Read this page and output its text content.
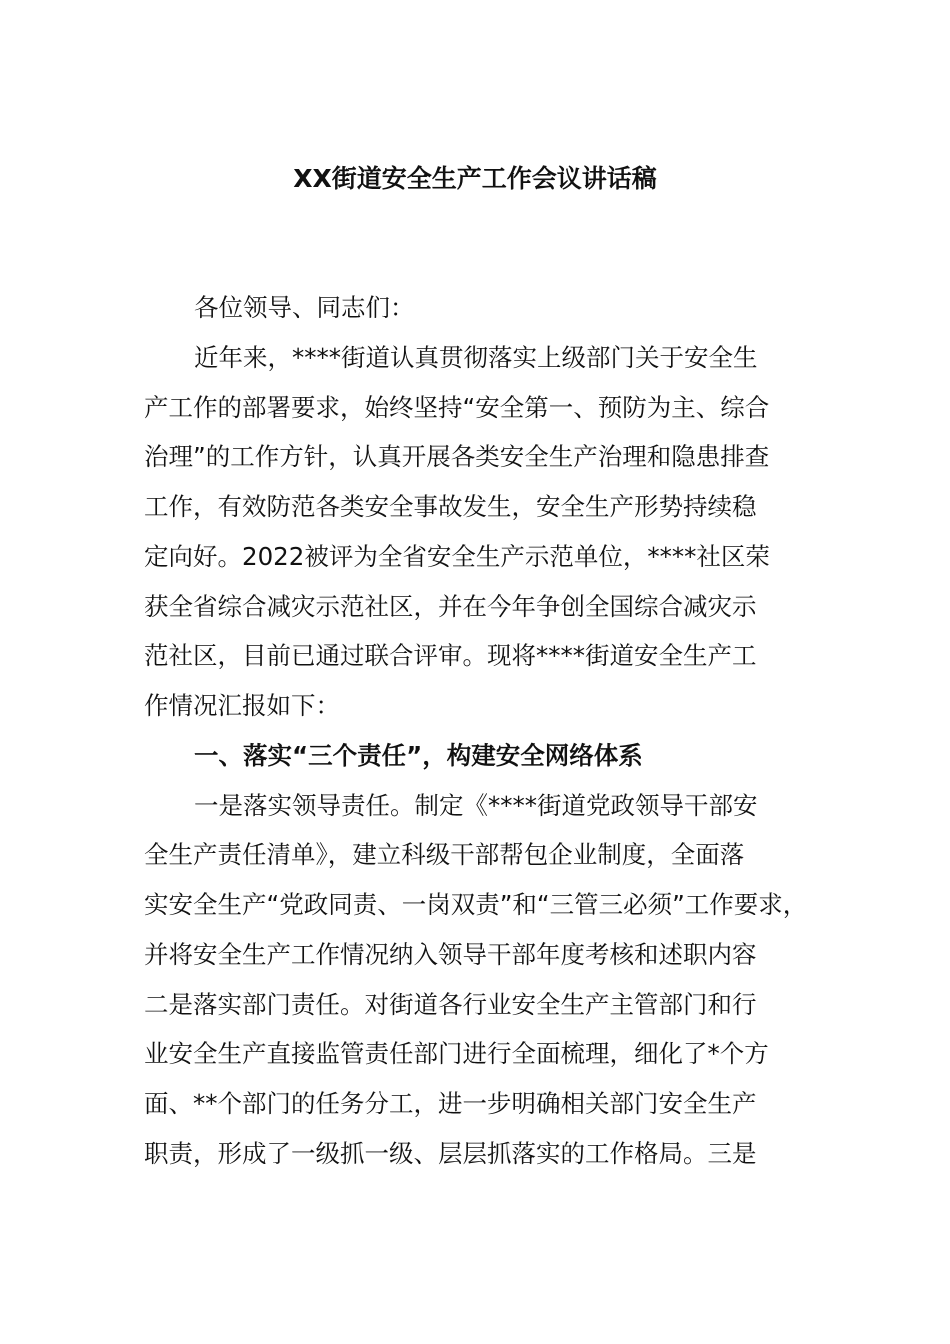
XX街道安全生产工作会议讲话稿
各位领导、同志们：
近年来，****街道认真贯彻落实上级部门关于安全生
产工作的部署要求，始终坚持“安全第一、预防为主、综合
治理”的工作方针，认真开展各类安全生产治理和隐患排查
工作，有效防范各类安全事故发生，安全生产形势持续稳
定向好。2022被评为全省安全生产示范单位，****社区荣
获全省综合减灾示范社区，并在今年争创全国综合减灾示
范社区，目前已通过联合评审。现将****街道安全生产工
作情况汇报如下：
一、落实“三个责任”，构建安全网络体系
一是落实领导责任。制定《****街道党政领导干部安
全生产责任清单》，建立科级干部帮包企业制度，全面落
实安全生产“党政同责、一岗双责”和“三管三必须”工作要求，
并将安全生产工作情况纳入领导干部年度考核和述职内容
二是落实部门责任。对街道各行业安全生产主管部门和行
业安全生产直接监管责任部门进行全面梳理，细化了*个方
面、**个部门的任务分工，进一步明确相关部门安全生产
职责，形成了一级抓一级、层层抓落实的工作格局。三是
